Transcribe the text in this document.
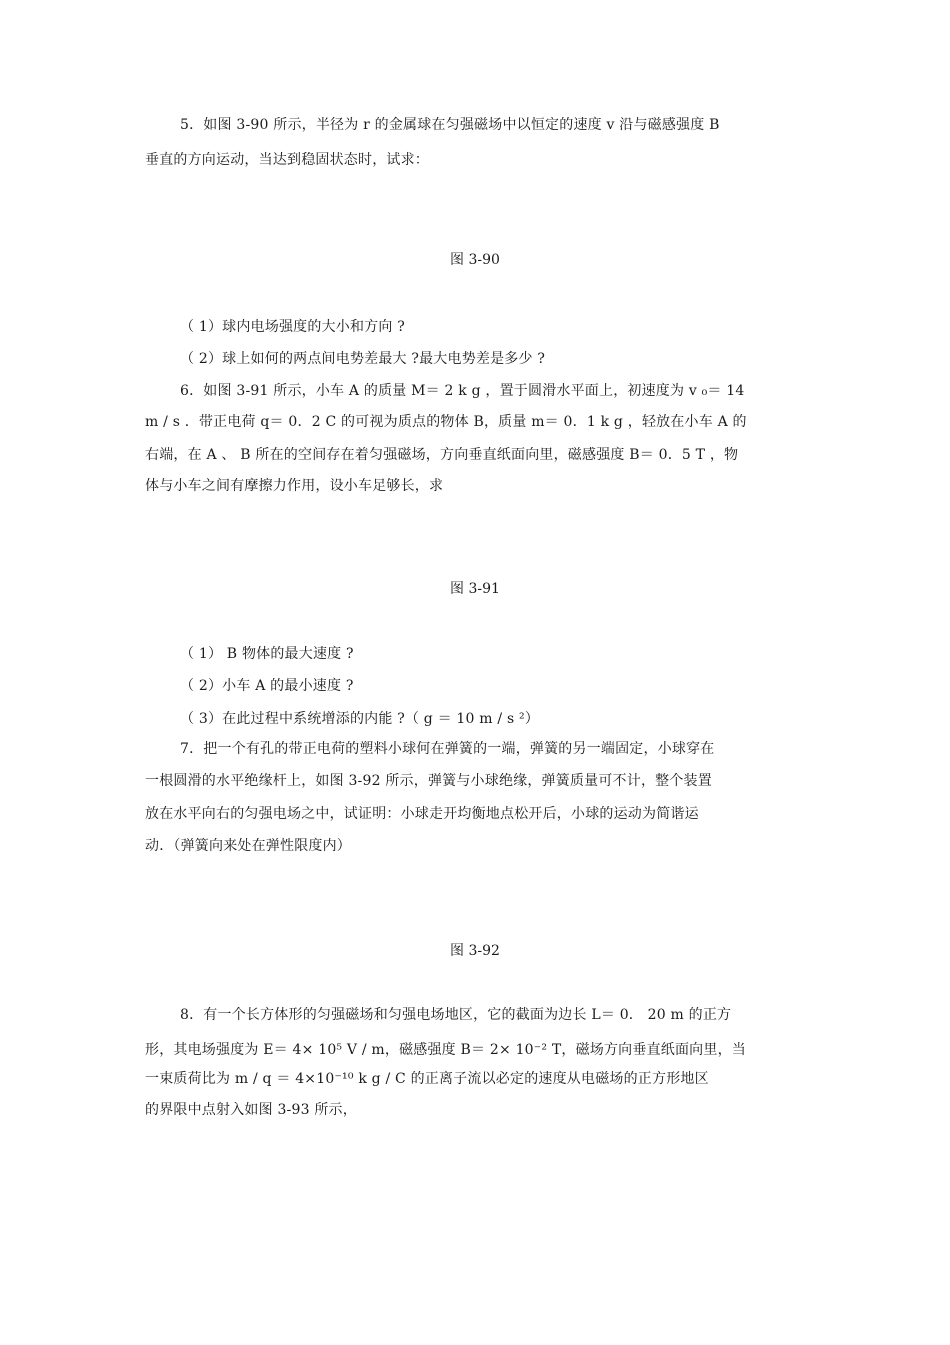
5．如图 3-90 所示，半径为 r 的金属球在匀强磁场中以恒定的速度 v 沿与磁感强度 B
垂直的方向运动，当达到稳固状态时，试求：
图 3-90
（ 1）球内电场强度的大小和方向 ?
（ 2）球上如何的两点间电势差最大 ?最大电势差是多少 ?
6．如图 3-91 所示，小车 A 的质量 M＝ 2 k g ，置于圆滑水平面上，初速度为 v ₀＝ 14
m / s ．带正电荷 q＝ 0．2 C 的可视为质点的物体 B，质量 m＝ 0．1 k g ，轻放在小车 A 的
右端，在 A 、 B 所在的空间存在着匀强磁场，方向垂直纸面向里，磁感强度 B＝ 0．5 T ，物
体与小车之间有摩擦力作用，设小车足够长，求
图 3-91
（ 1） B 物体的最大速度 ?
（ 2）小车 A 的最小速度 ?
（ 3）在此过程中系统增添的内能 ?（ g ＝ 10 m / s ²）
7．把一个有孔的带正电荷的塑料小球何在弹簧的一端，弹簧的另一端固定，小球穿在
一根圆滑的水平绝缘杆上，如图 3-92 所示，弹簧与小球绝缘，弹簧质量可不计，整个装置
放在水平向右的匀强电场之中，试证明：小球走开均衡地点松开后，小球的运动为简谐运
动．（弹簧向来处在弹性限度内）
图 3-92
8．有一个长方体形的匀强磁场和匀强电场地区，它的截面为边长 L＝ 0． 20 m 的正方
形，其电场强度为 E＝ 4× 10⁵ V / m，磁感强度 B＝ 2× 10⁻² T，磁场方向垂直纸面向里，当
一束质荷比为 m / q ＝ 4×10⁻¹⁰ k g / C 的正离子流以必定的速度从电磁场的正方形地区
的界限中点射入如图 3-93 所示，
